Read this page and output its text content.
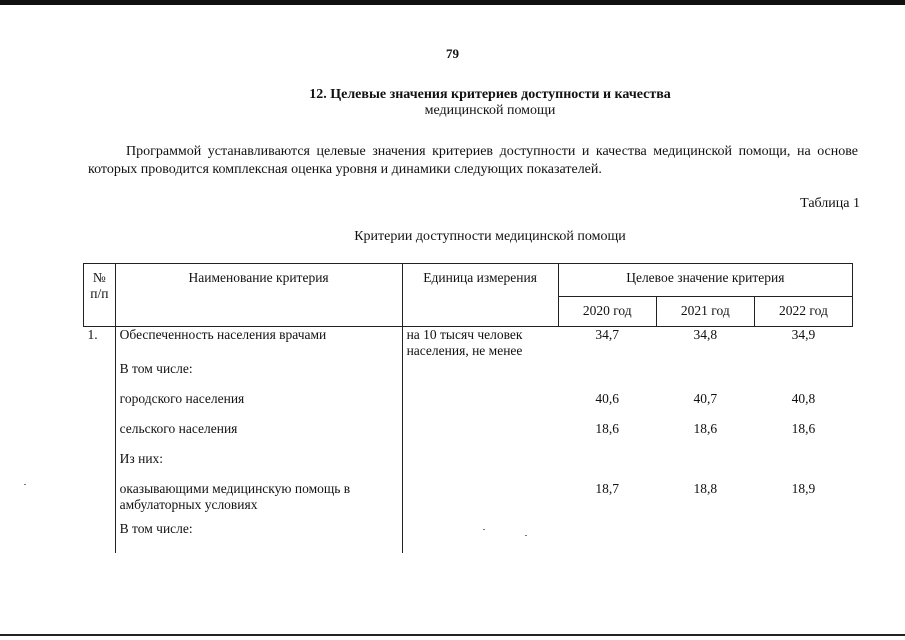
79
12. Целевые значения критериев доступности и качества
медицинской помощи
Программой устанавливаются целевые значения критериев доступности и качества медицинской помощи, на основе которых проводится комплексная оценка уровня и динамики следующих показателей.
Таблица 1
Критерии доступности медицинской помощи
№ п/п	Наименование критерия	Единица измерения	Целевое значение критерия		
			2020 год	2021 год	2022 год
1.	Обеспеченность населения врачами	на 10 тысяч человек населения, не менее	34,7	34,8	34,9
	В том числе:				
	городского населения		40,6	40,7	40,8
	сельского населения		18,6	18,6	18,6
	Из них:				
	оказывающими медицинскую помощь в амбулаторных условиях		18,7	18,8	18,9
	В том числе:				
